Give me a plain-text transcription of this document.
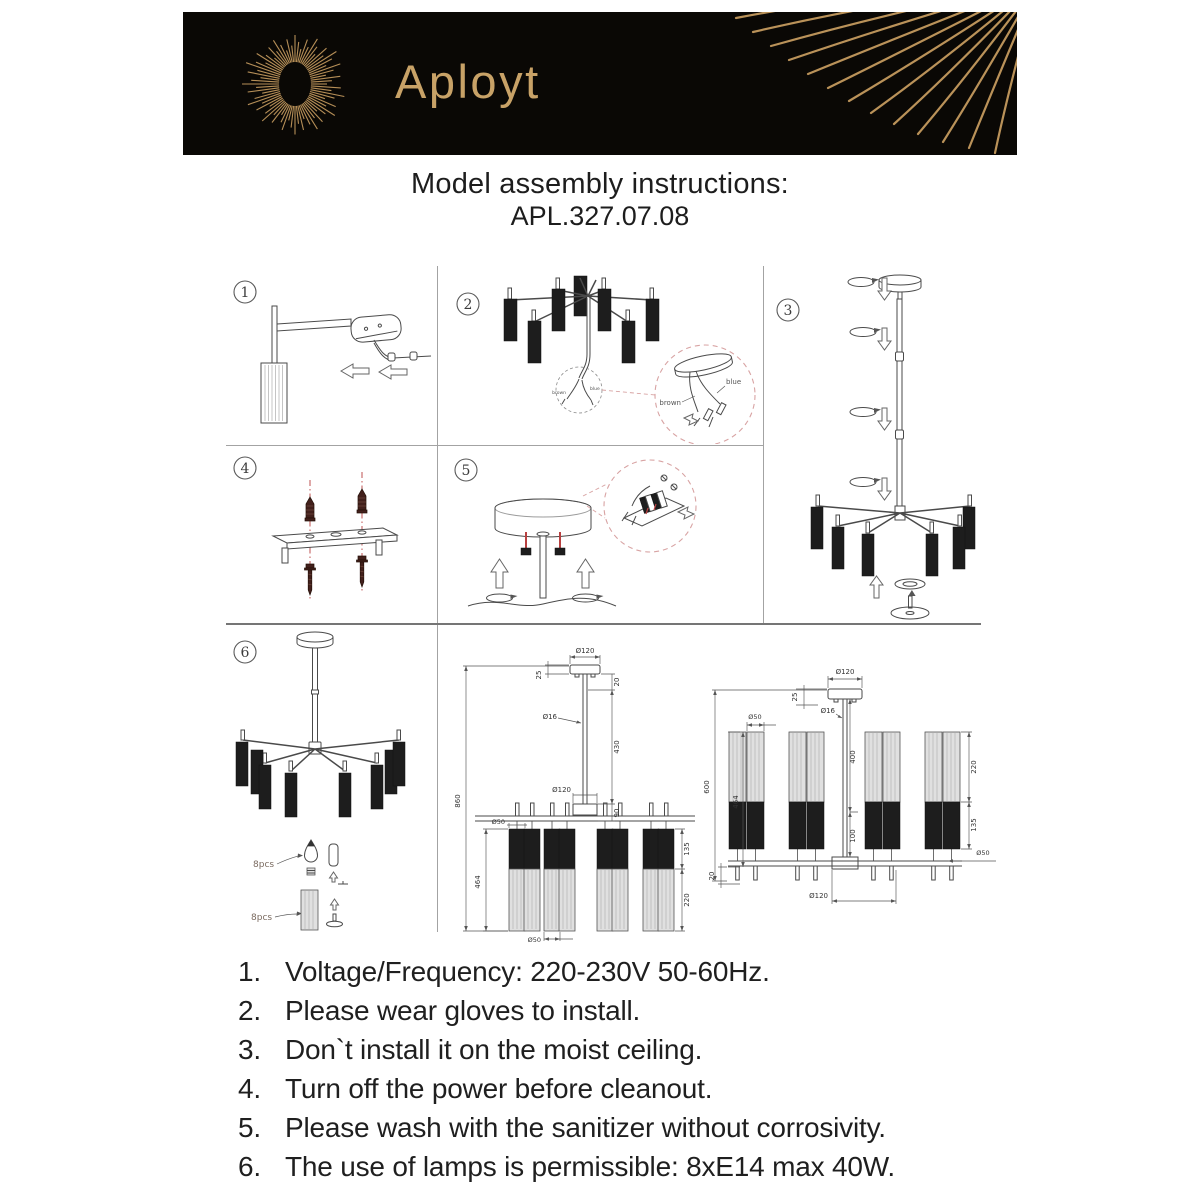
Aployt
Model assembly instructions:
APL.327.07.08
1
2
brown
blue
brown
blue
3
4	5
6
8pcs
8pcs
Ø120
25
20
Ø16
430
Ø120
90
860
464
Ø50
135
220
Ø50
25
Ø120
Ø16
Ø50
600
464
400
100
220
135
Ø50
Ø120
20
1. Voltage/Frequency: 220-230V 50-60Hz.
2. Please wear gloves to install.
3. Don`t install it on the moist ceiling.
4. Turn off the power before cleanout.
5. Please wash with the sanitizer without corrosivity.
6. The use of lamps is permissible: 8xE14 max 40W.
